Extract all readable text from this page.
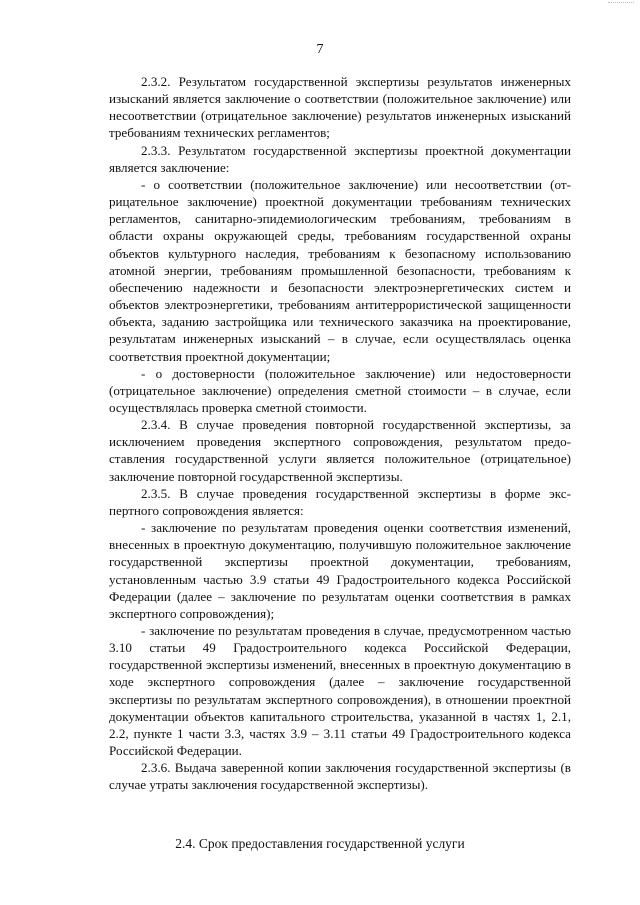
7

2.3.2. Результатом государственной экспертизы результатов инженерных изысканий является заключение о соответствии (положительное заключение) или несоответствии (отрицательное заключение) результатов инженерных изысканий требованиям технических регламентов;

2.3.3. Результатом государственной экспертизы проектной документации является заключение:

- о соответствии (положительное заключение) или несоответствии (отрицательное заключение) проектной документации требованиям технических регламентов, санитарно-эпидемиологическим требованиям, требованиям в области охраны окружающей среды, требованиям государственной охраны объектов культурного наследия, требованиям к безопасному использованию атомной энергии, требованиям промышленной безопасности, требованиям к обеспечению надежности и безопасности электроэнергетических систем и объектов электроэнергетики, требованиям антитеррористической защищенности объекта, заданию застройщика или технического заказчика на проектирование, результатам инженерных изысканий – в случае, если осуществлялась оценка соответствия проектной документации;

- о достоверности (положительное заключение) или недостоверности (отрицательное заключение) определения сметной стоимости – в случае, если осуществлялась проверка сметной стоимости.

2.3.4. В случае проведения повторной государственной экспертизы, за исключением проведения экспертного сопровождения, результатом предоставления государственной услуги является положительное (отрицательное) заключение повторной государственной экспертизы.

2.3.5. В случае проведения государственной экспертизы в форме экспертного сопровождения является:

- заключение по результатам проведения оценки соответствия изменений, внесенных в проектную документацию, получившую положительное заключение государственной экспертизы проектной документации, требованиям, установленным частью 3.9 статьи 49 Градостроительного кодекса Российской Федерации (далее – заключение по результатам оценки соответствия в рамках экспертного сопровождения);

- заключение по результатам проведения в случае, предусмотренном частью 3.10 статьи 49 Градостроительного кодекса Российской Федерации, государственной экспертизы изменений, внесенных в проектную документацию в ходе экспертного сопровождения (далее – заключение государственной экспертизы по результатам экспертного сопровождения), в отношении проектной документации объектов капитального строительства, указанной в частях 1, 2.1, 2.2, пункте 1 части 3.3, частях 3.9 – 3.11 статьи 49 Градостроительного кодекса Российской Федерации.

2.3.6. Выдача заверенной копии заключения государственной экспертизы (в случае утраты заключения государственной экспертизы).

2.4. Срок предоставления государственной услуги
